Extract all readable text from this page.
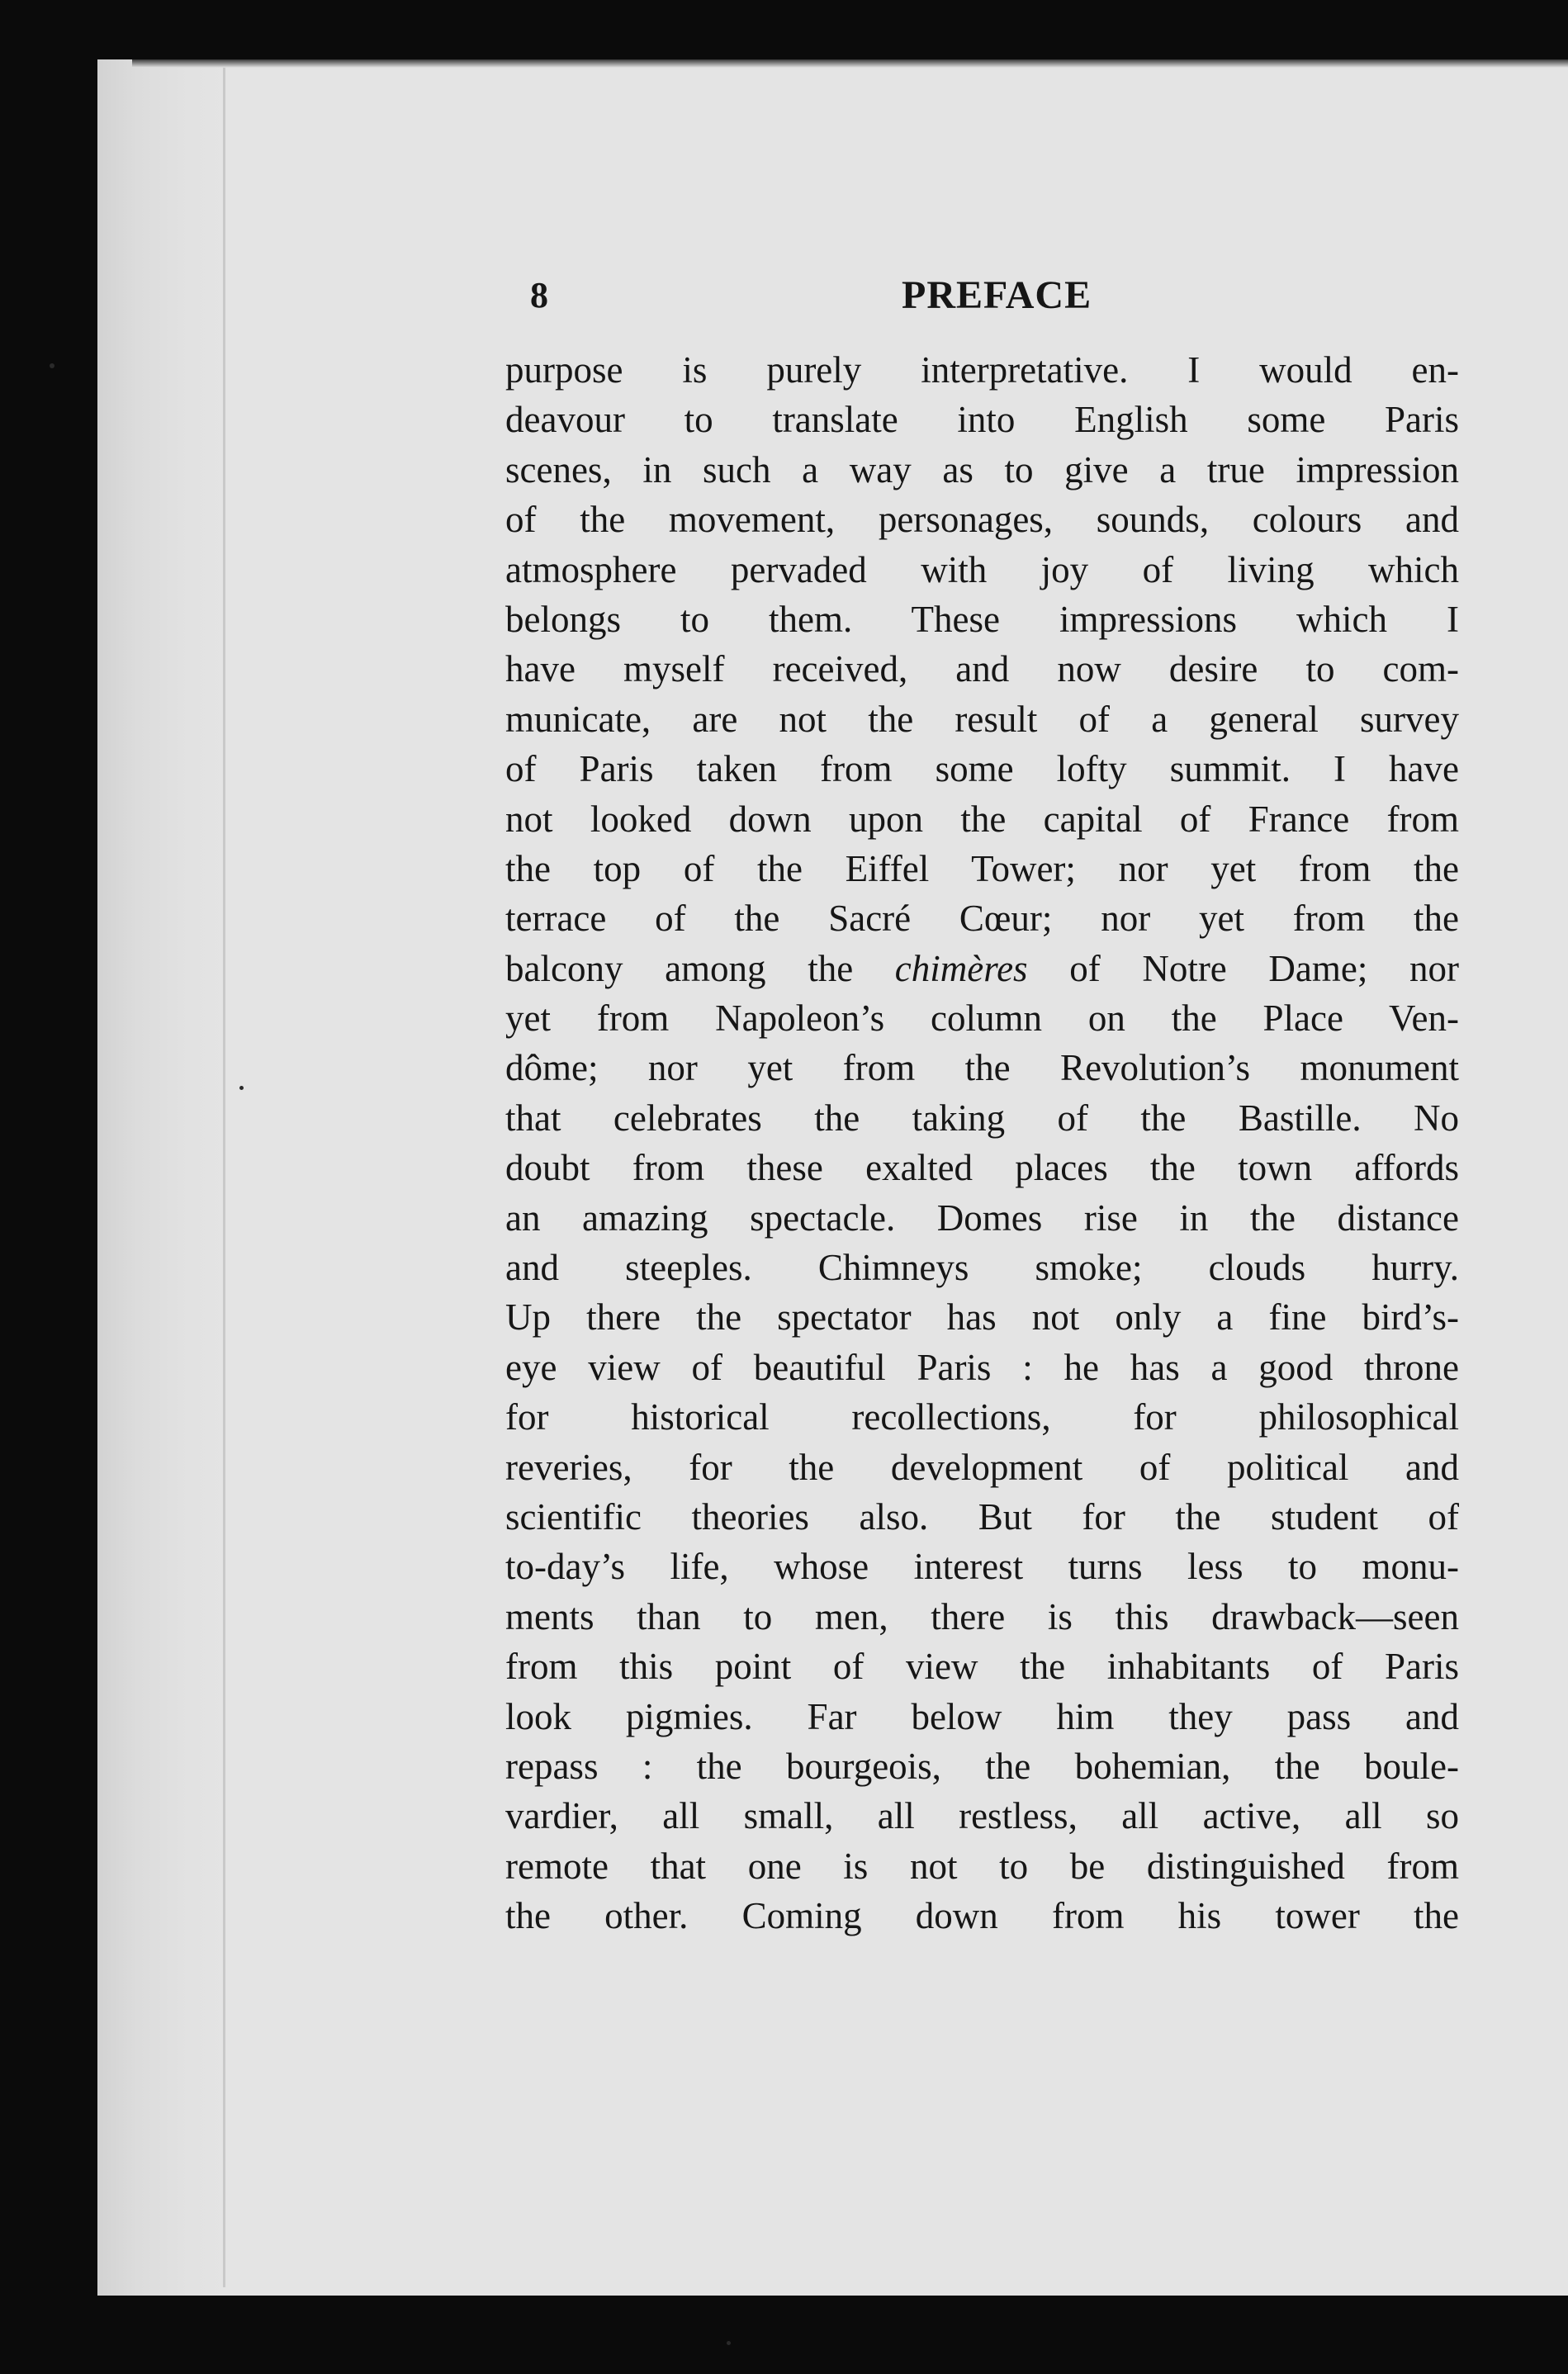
8	PREFACE
purpose is purely interpretative. I would en-
deavour to translate into English some Paris
scenes, in such a way as to give a true impression
of the movement, personages, sounds, colours and
atmosphere pervaded with joy of living which
belongs to them. These impressions which I
have myself received, and now desire to com-
municate, are not the result of a general survey
of Paris taken from some lofty summit. I have
not looked down upon the capital of France from
the top of the Eiffel Tower; nor yet from the
terrace of the Sacré Cœur; nor yet from the
balcony among the chimères of Notre Dame; nor
yet from Napoleon’s column on the Place Ven-
dôme; nor yet from the Revolution’s monument
that celebrates the taking of the Bastille. No
doubt from these exalted places the town affords
an amazing spectacle. Domes rise in the distance
and steeples. Chimneys smoke; clouds hurry.
Up there the spectator has not only a fine bird’s-
eye view of beautiful Paris : he has a good throne
for historical recollections, for philosophical
reveries, for the development of political and
scientific theories also. But for the student of
to-day’s life, whose interest turns less to monu-
ments than to men, there is this drawback—seen
from this point of view the inhabitants of Paris
look pigmies. Far below him they pass and
repass : the bourgeois, the bohemian, the boule-
vardier, all small, all restless, all active, all so
remote that one is not to be distinguished from
the other. Coming down from his tower the
